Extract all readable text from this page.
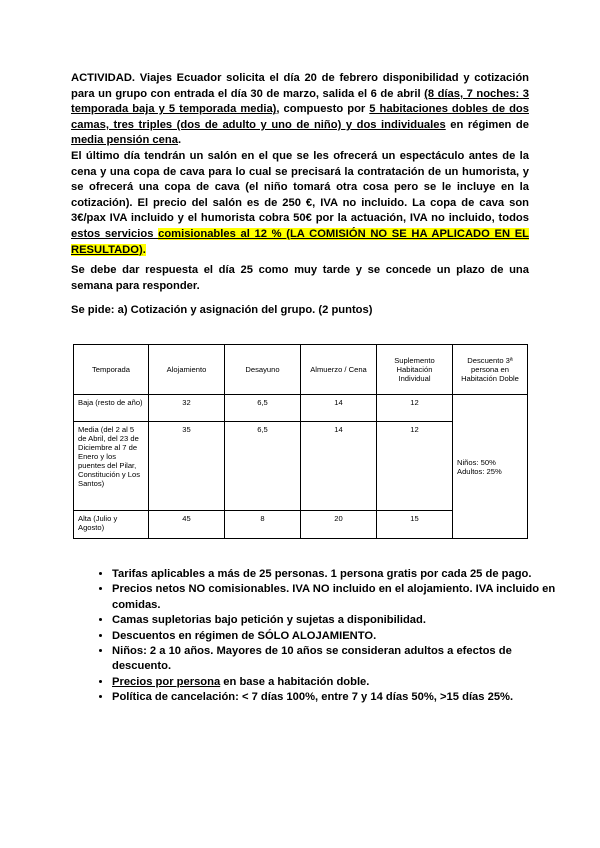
ACTIVIDAD. Viajes Ecuador solicita el día 20 de febrero disponibilidad y cotización para un grupo con entrada el día 30 de marzo, salida el 6 de abril (8 días, 7 noches: 3 temporada baja y 5 temporada media), compuesto por 5 habitaciones dobles de dos camas, tres triples (dos de adulto y uno de niño) y dos individuales en régimen de media pensión cena.
El último día tendrán un salón en el que se les ofrecerá un espectáculo antes de la cena y una copa de cava para lo cual se precisará la contratación de un humorista, y se ofrecerá una copa de cava (el niño tomará otra cosa pero se le incluye en la cotización). El precio del salón es de 250 €, IVA no incluido. La copa de cava son 3€/pax IVA incluido y el humorista cobra 50€ por la actuación, IVA no incluido, todos estos servicios comisionables al 12 % (LA COMISIÓN NO SE HA APLICADO EN EL RESULTADO).
Se debe dar respuesta el día 25 como muy tarde y se concede un plazo de una semana para responder.
Se pide: a) Cotización y asignación del grupo. (2 puntos)
Temporada	Alojamiento	Desayuno	Almuerzo / Cena	Suplemento Habitación Individual	Descuento 3ª persona en Habitación Doble
Baja (resto de año)	32	6,5	14	12	Niños: 50%
Adultos: 25%
Media (del 2 al 5 de Abril, del 23 de Diciembre al 7 de Enero y los puentes del Pilar, Constitución y Los Santos)	35	6,5	14	12	
Alta (Julio y Agosto)	45	8	20	15	
• Tarifas aplicables a más de 25 personas. 1 persona gratis por cada 25 de pago.
• Precios netos NO comisionables. IVA NO incluido en el alojamiento. IVA incluido en comidas.
• Camas supletorias bajo petición y sujetas a disponibilidad.
• Descuentos en régimen de SÓLO ALOJAMIENTO.
• Niños: 2 a 10 años. Mayores de 10 años se consideran adultos a efectos de descuento.
• Precios por persona en base a habitación doble.
• Política de cancelación: < 7 días 100%, entre 7 y 14 días 50%, >15 días 25%.
